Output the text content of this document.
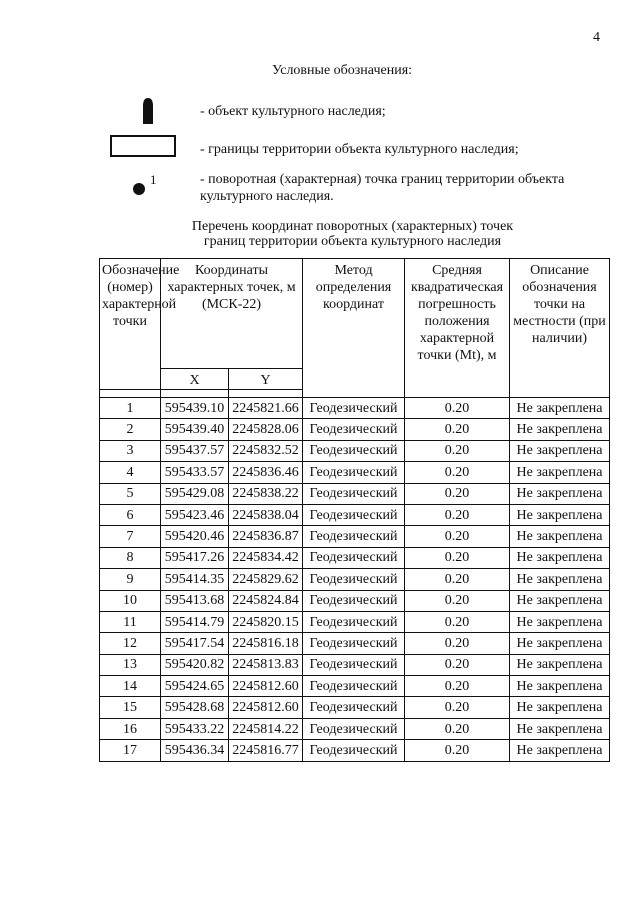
4
Условные обозначения:
- объект культурного наследия;
- границы территории объекта культурного наследия;
1	- поворотная (характерная) точка границ территории объекта культурного наследия.
Перечень координат поворотных (характерных) точек
границ территории объекта культурного наследия
Обозначение (номер) характерной точки	Координаты характерных точек, м (МСК-22)		Метод определения координат	Средняя квадратическая погрешность положения характерной точки (Mt), м	Описание обозначения точки на местности (при наличии)
	X	Y			

1	595439.10	2245821.66	Геодезический	0.20	Не закреплена
2	595439.40	2245828.06	Геодезический	0.20	Не закреплена
3	595437.57	2245832.52	Геодезический	0.20	Не закреплена
4	595433.57	2245836.46	Геодезический	0.20	Не закреплена
5	595429.08	2245838.22	Геодезический	0.20	Не закреплена
6	595423.46	2245838.04	Геодезический	0.20	Не закреплена
7	595420.46	2245836.87	Геодезический	0.20	Не закреплена
8	595417.26	2245834.42	Геодезический	0.20	Не закреплена
9	595414.35	2245829.62	Геодезический	0.20	Не закреплена
10	595413.68	2245824.84	Геодезический	0.20	Не закреплена
11	595414.79	2245820.15	Геодезический	0.20	Не закреплена
12	595417.54	2245816.18	Геодезический	0.20	Не закреплена
13	595420.82	2245813.83	Геодезический	0.20	Не закреплена
14	595424.65	2245812.60	Геодезический	0.20	Не закреплена
15	595428.68	2245812.60	Геодезический	0.20	Не закреплена
16	595433.22	2245814.22	Геодезический	0.20	Не закреплена
17	595436.34	2245816.77	Геодезический	0.20	Не закреплена
